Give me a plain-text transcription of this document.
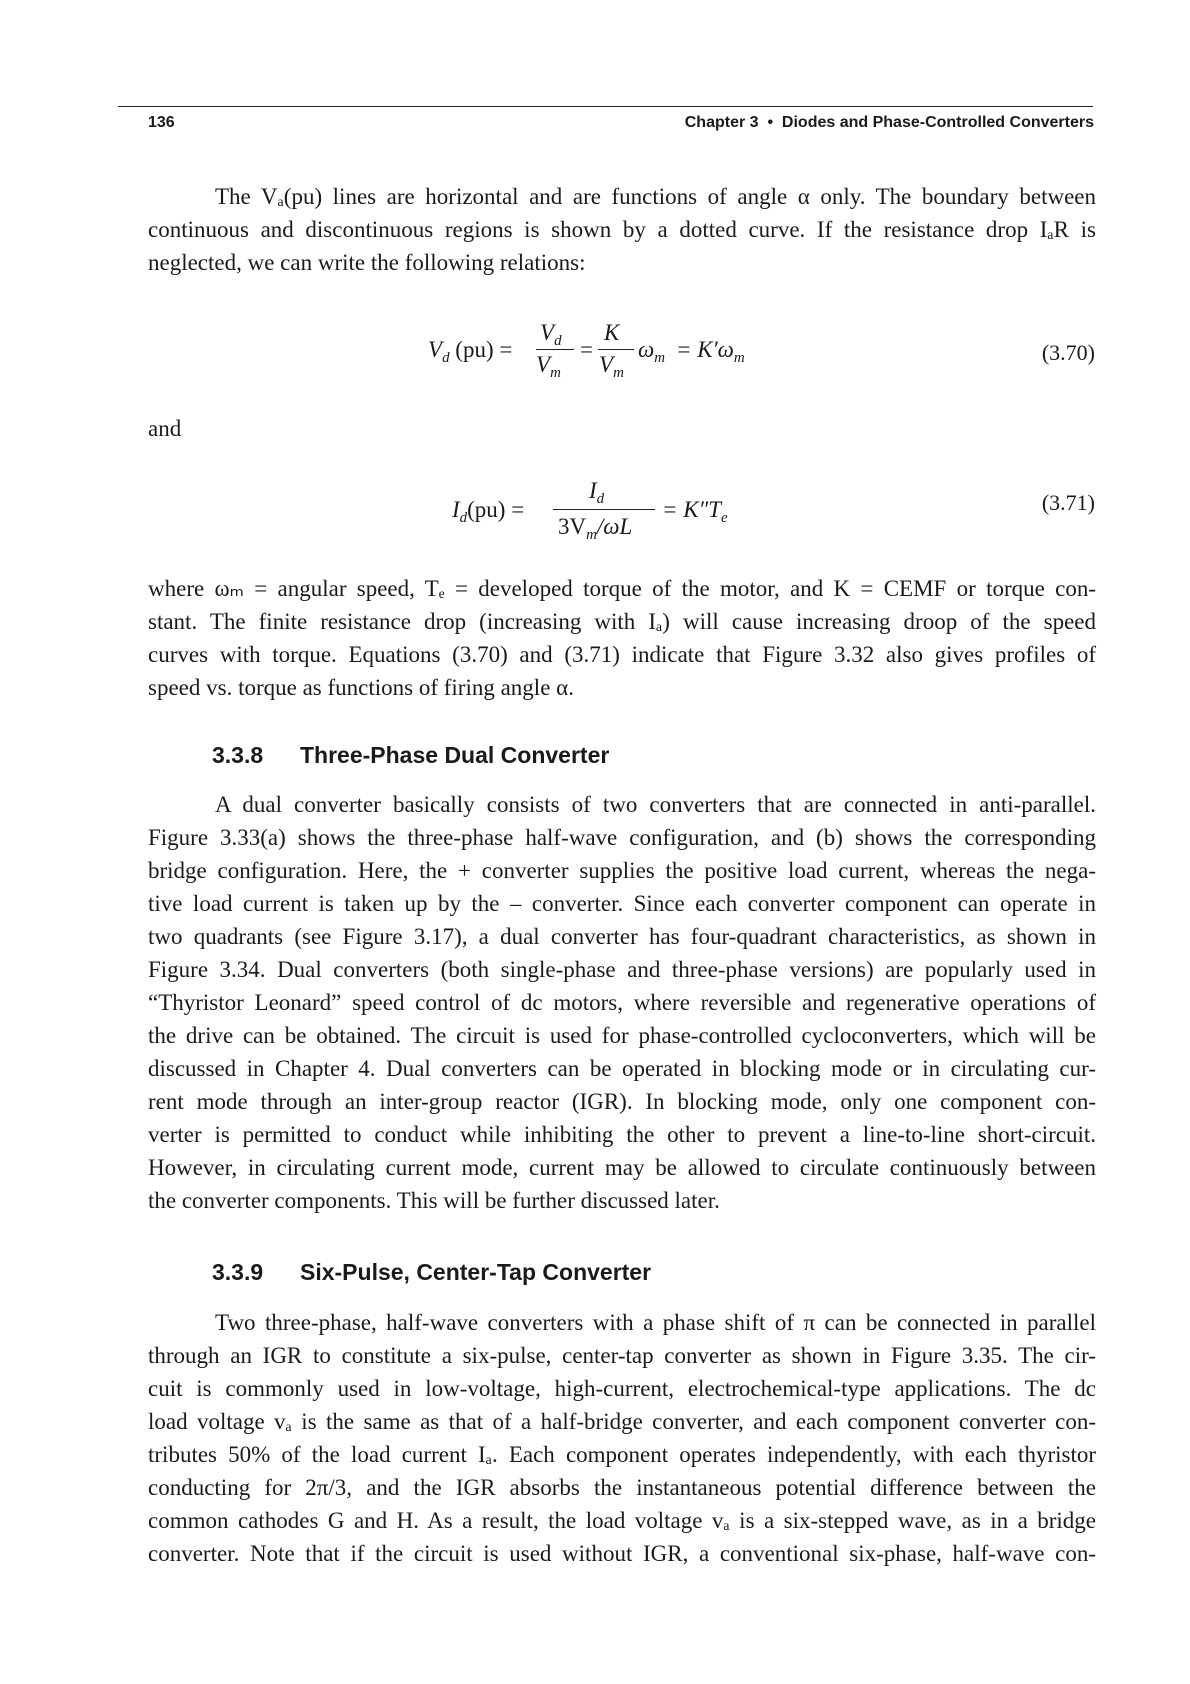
136	Chapter 3  •  Diodes and Phase-Controlled Converters

The Vₐ(pu) lines are horizontal and are functions of angle α only. The boundary between

continuous and discontinuous regions is shown by a dotted curve. If the resistance drop IₐR is

neglected, we can write the following relations:

$V_d$ (pu) =
$V_d$
$V_m$
=
K
$V_m$
$\omega_m = K'\omega_m$	(3.70)

and

$I_d(pu)$ =
$I_d$
$3V_m/\omega L$
= $K''T_e$
(3.71)

where ωₘ = angular speed, Tₑ = developed torque of the motor, and K = CEMF or torque con-

stant. The finite resistance drop (increasing with Iₐ) will cause increasing droop of the speed

curves with torque. Equations (3.70) and (3.71) indicate that Figure 3.32 also gives profiles of

speed vs. torque as functions of firing angle α.

3.3.8 Three-Phase Dual Converter

A dual converter basically consists of two converters that are connected in anti-parallel.

Figure 3.33(a) shows the three-phase half-wave configuration, and (b) shows the corresponding

bridge configuration. Here, the + converter supplies the positive load current, whereas the nega-

tive load current is taken up by the – converter. Since each converter component can operate in

two quadrants (see Figure 3.17), a dual converter has four-quadrant characteristics, as shown in

Figure 3.34. Dual converters (both single-phase and three-phase versions) are popularly used in

“Thyristor Leonard” speed control of dc motors, where reversible and regenerative operations of

the drive can be obtained. The circuit is used for phase-controlled cycloconverters, which will be

discussed in Chapter 4. Dual converters can be operated in blocking mode or in circulating cur-

rent mode through an inter-group reactor (IGR). In blocking mode, only one component con-

verter is permitted to conduct while inhibiting the other to prevent a line-to-line short-circuit.

However, in circulating current mode, current may be allowed to circulate continuously between

the converter components. This will be further discussed later.

3.3.9 Six-Pulse, Center-Tap Converter

Two three-phase, half-wave converters with a phase shift of π can be connected in parallel

through an IGR to constitute a six-pulse, center-tap converter as shown in Figure 3.35. The cir-

cuit is commonly used in low-voltage, high-current, electrochemical-type applications. The dc

load voltage vₐ is the same as that of a half-bridge converter, and each component converter con-

tributes 50% of the load current Iₐ. Each component operates independently, with each thyristor

conducting for 2π/3, and the IGR absorbs the instantaneous potential difference between the

common cathodes G and H. As a result, the load voltage vₐ is a six-stepped wave, as in a bridge

converter. Note that if the circuit is used without IGR, a conventional six-phase, half-wave con-
